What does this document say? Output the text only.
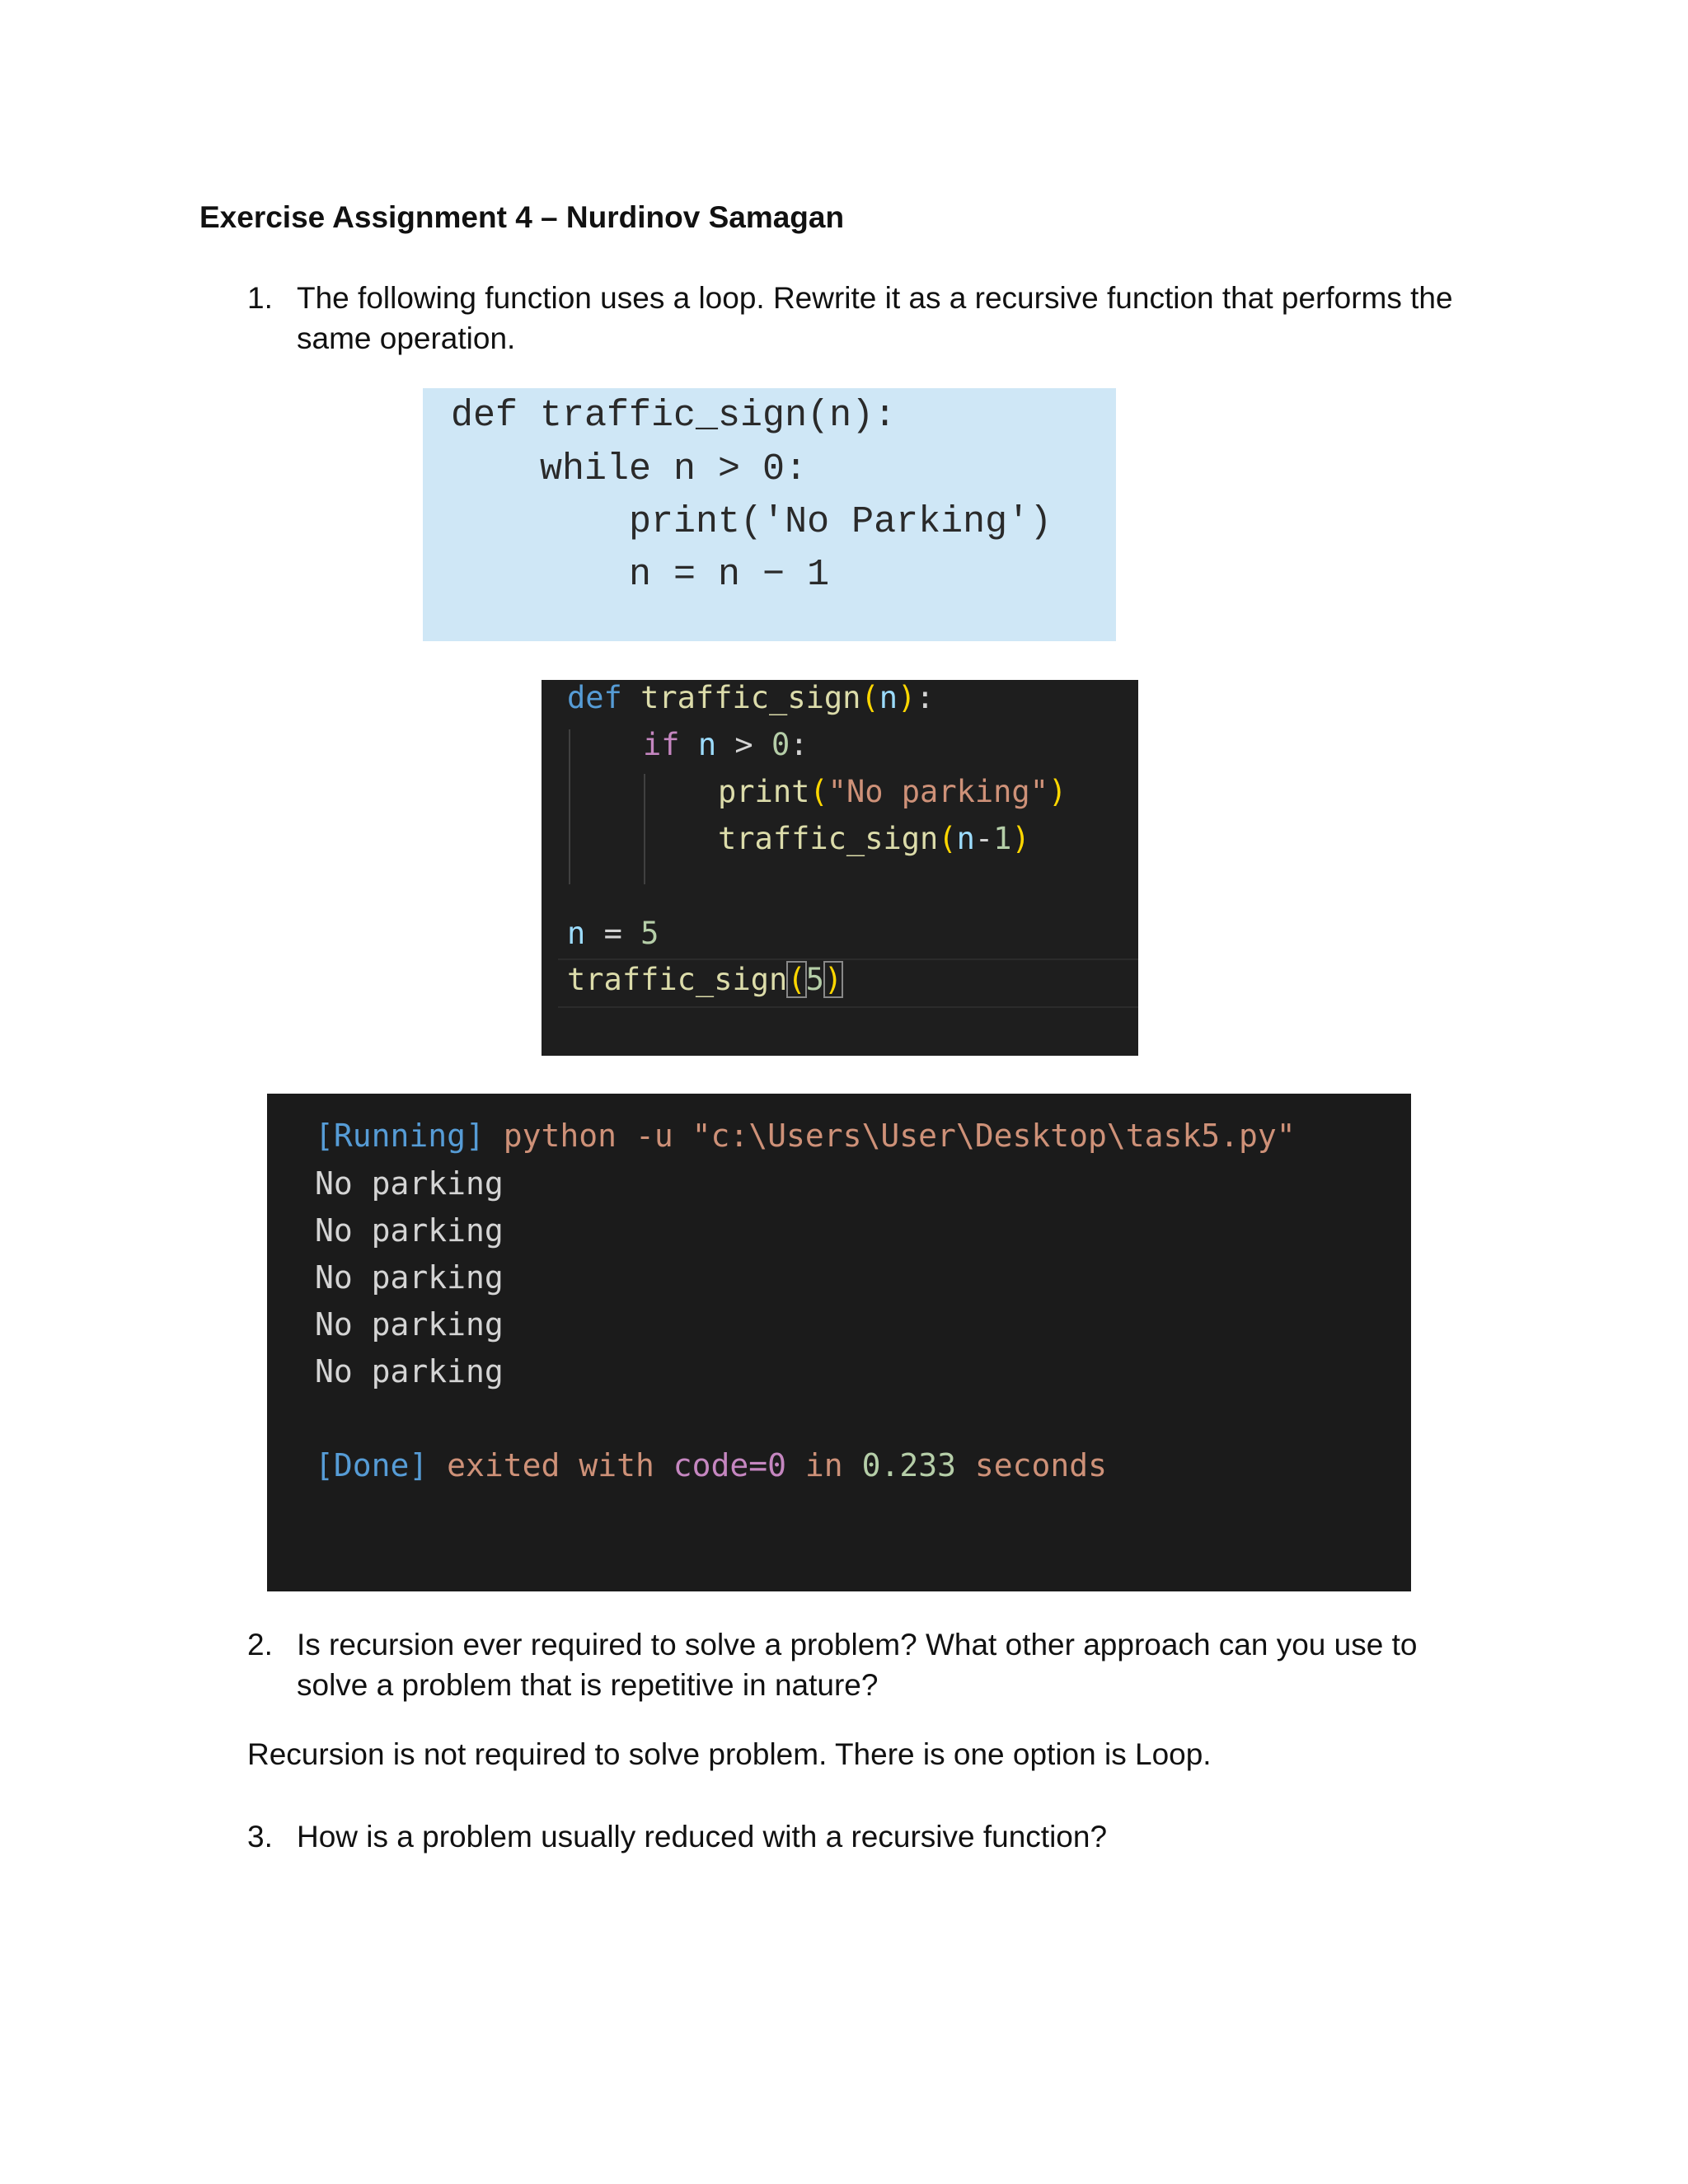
Exercise Assignment 4 – Nurdinov Samagan
1. The following function uses a loop. Rewrite it as a recursive function that performs the
same operation.
def traffic_sign(n):
while n > 0:
print('No Parking')
n = n − 1
def traffic_sign(n):
if n > 0:
print("No parking")
traffic_sign(n-1)
n = 5
traffic_sign(5)
[Running] python -u "c:\Users\User\Desktop\task5.py"
No parking
No parking
No parking
No parking
No parking
[Done] exited with code=0 in 0.233 seconds
2. Is recursion ever required to solve a problem? What other approach can you use to
solve a problem that is repetitive in nature?
Recursion is not required to solve problem. There is one option is Loop.
3. How is a problem usually reduced with a recursive function?
